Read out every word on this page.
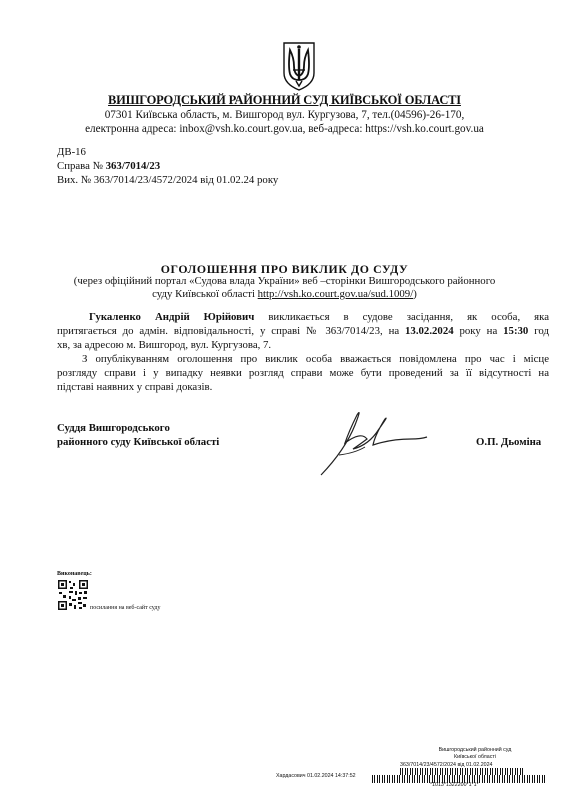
ВИШГОРОДСЬКИЙ РАЙОННИЙ СУД КИЇВСЬКОЇ ОБЛАСТІ
07301 Київська область, м. Вишгород вул. Кургузова, 7, тел.(04596)-26-170,
електронна адреса: inbox@vsh.ko.court.gov.ua, веб-адреса: https://vsh.ko.court.gov.ua
ДВ-16
Справа № 363/7014/23
Вих. № 363/7014/23/4572/2024 від 01.02.24 року
ОГОЛОШЕННЯ ПРО ВИКЛИК ДО СУДУ
(через офіційний портал «Судова влада України» веб –сторінки Вишгородського районного
суду Київської області http://vsh.ko.court.gov.ua/sud.1009/)
Гукаленко Андрій Юрійович викликається в судове засідання, як особа, яка
притягається до адмін. відповідальності, у справі № 363/7014/23, на 13.02.2024 року на 15:30 год
хв, за адресою м. Вишгород, вул. Кургузова, 7.
З опублікуванням оголошення про виклик особа вважається повідомлена про час і місце
розгляду справи і у випадку неявки розгляд справи може бути проведений за її відсутності на
підставі наявних у справі доказів.
Суддя Вишгородського
районного суду Київської області	О.П. Дьоміна
Виконавець:
посилання на веб-сайт суду
Вишгородський районний суд
Київської області
363/7014/23/4572/2024 від 01.02.2024
Хардасович 01.02.2024 14:37:52
*1013*1322200*1*1*
